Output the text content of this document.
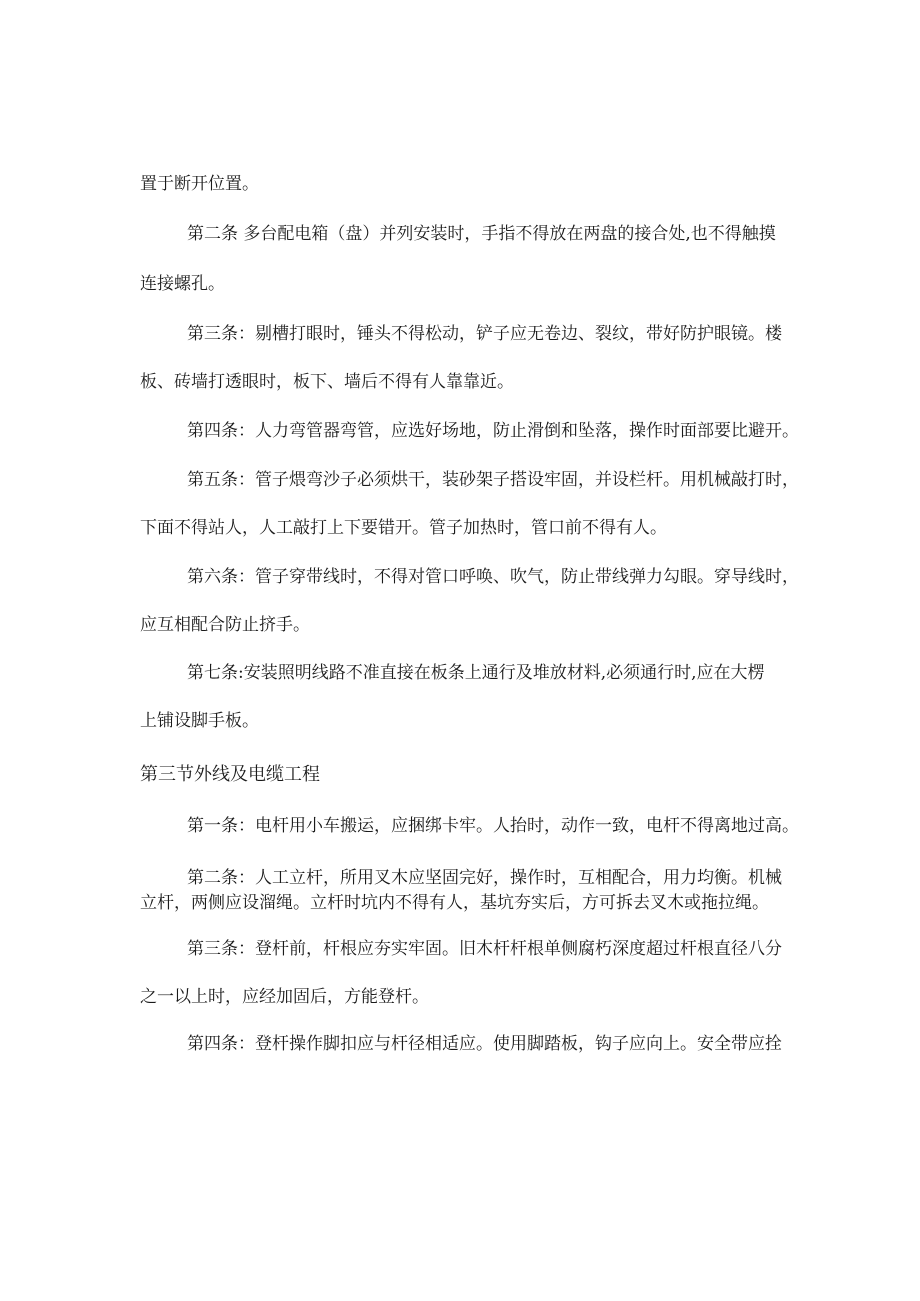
置于断开位置。

第二条 多台配电箱（盘）并列安装时，手指不得放在两盘的接合处,也不得触摸

连接螺孔。

第三条：剔槽打眼时，锤头不得松动，铲子应无卷边、裂纹，带好防护眼镜。楼

板、砖墙打透眼时，板下、墙后不得有人靠靠近。

第四条：人力弯管器弯管，应选好场地，防止滑倒和坠落，操作时面部要比避开。

第五条：管子煨弯沙子必须烘干，装砂架子搭设牢固，并设栏杆。用机械敲打时，

下面不得站人，人工敲打上下要错开。管子加热时，管口前不得有人。

第六条：管子穿带线时，不得对管口呼唤、吹气，防止带线弹力勾眼。穿导线时，

应互相配合防止挤手。

第七条:安装照明线路不准直接在板条上通行及堆放材料,必须通行时,应在大楞

上铺设脚手板。

第三节外线及电缆工程

第一条：电杆用小车搬运，应捆绑卡牢。人抬时，动作一致，电杆不得离地过高。

第二条：人工立杆，所用叉木应坚固完好，操作时，互相配合，用力均衡。机械

立杆，两侧应设溜绳。立杆时坑内不得有人，基坑夯实后，方可拆去叉木或拖拉绳。

第三条：登杆前，杆根应夯实牢固。旧木杆杆根单侧腐朽深度超过杆根直径八分

之一以上时，应经加固后，方能登杆。

第四条：登杆操作脚扣应与杆径相适应。使用脚踏板，钩子应向上。安全带应拴
